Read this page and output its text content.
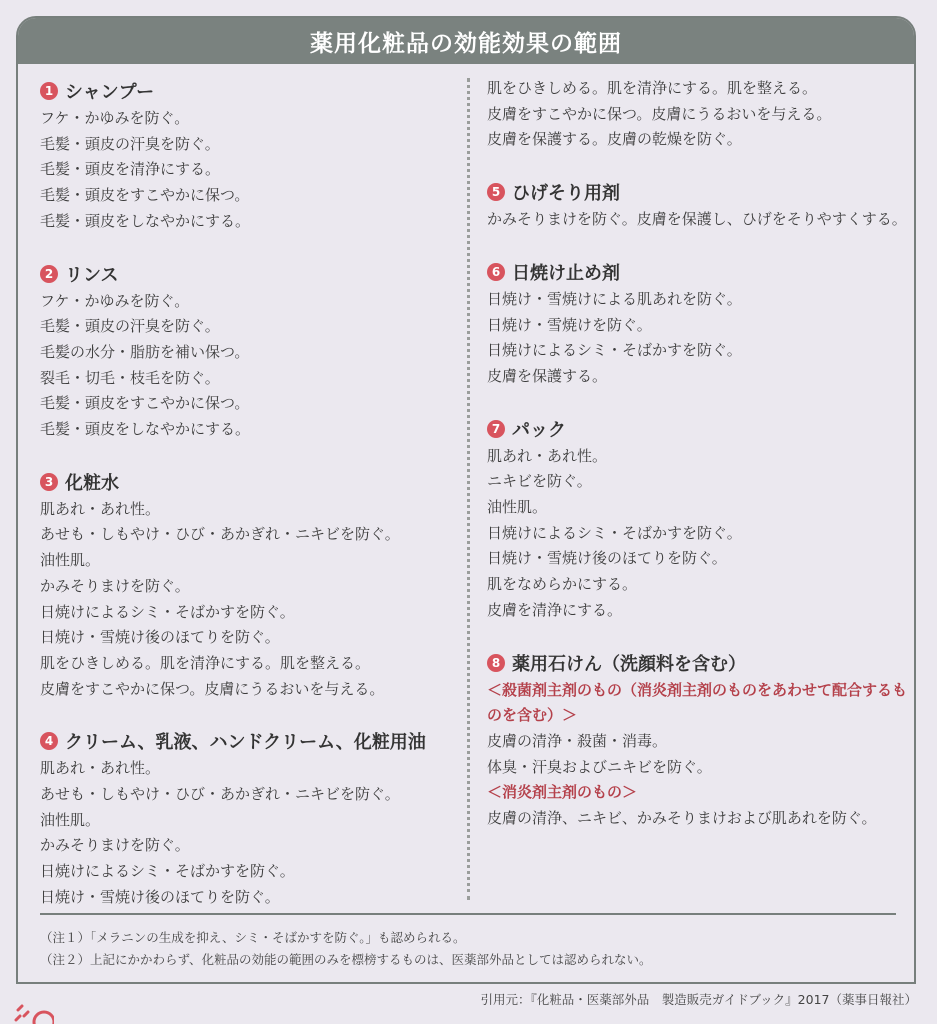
薬用化粧品の効能効果の範囲
1 シャンプー
フケ・かゆみを防ぐ。
毛髪・頭皮の汗臭を防ぐ。
毛髪・頭皮を清浄にする。
毛髪・頭皮をすこやかに保つ。
毛髪・頭皮をしなやかにする。
2 リンス
フケ・かゆみを防ぐ。
毛髪・頭皮の汗臭を防ぐ。
毛髪の水分・脂肪を補い保つ。
裂毛・切毛・枝毛を防ぐ。
毛髪・頭皮をすこやかに保つ。
毛髪・頭皮をしなやかにする。
3 化粧水
肌あれ・あれ性。
あせも・しもやけ・ひび・あかぎれ・ニキビを防ぐ。
油性肌。
かみそりまけを防ぐ。
日焼けによるシミ・そばかすを防ぐ。
日焼け・雪焼け後のほてりを防ぐ。
肌をひきしめる。肌を清浄にする。肌を整える。
皮膚をすこやかに保つ。皮膚にうるおいを与える。
4 クリーム、乳液、ハンドクリーム、化粧用油
肌あれ・あれ性。
あせも・しもやけ・ひび・あかぎれ・ニキビを防ぐ。
油性肌。
かみそりまけを防ぐ。
日焼けによるシミ・そばかすを防ぐ。
日焼け・雪焼け後のほてりを防ぐ。
肌をひきしめる。肌を清浄にする。肌を整える。
皮膚をすこやかに保つ。皮膚にうるおいを与える。
皮膚を保護する。皮膚の乾燥を防ぐ。
5 ひげそり用剤
かみそりまけを防ぐ。皮膚を保護し、ひげをそりやすくする。
6 日焼け止め剤
日焼け・雪焼けによる肌あれを防ぐ。
日焼け・雪焼けを防ぐ。
日焼けによるシミ・そばかすを防ぐ。
皮膚を保護する。
7 パック
肌あれ・あれ性。
ニキビを防ぐ。
油性肌。
日焼けによるシミ・そばかすを防ぐ。
日焼け・雪焼け後のほてりを防ぐ。
肌をなめらかにする。
皮膚を清浄にする。
8 薬用石けん（洗顔料を含む）
＜殺菌剤主剤のもの（消炎剤主剤のものをあわせて配合するものを含む）＞
皮膚の清浄・殺菌・消毒。
体臭・汗臭およびニキビを防ぐ。
＜消炎剤主剤のもの＞
皮膚の清浄、ニキビ、かみそりまけおよび肌あれを防ぐ。
（注１）「メラニンの生成を抑え、シミ・そばかすを防ぐ。」も認められる。
（注２）上記にかかわらず、化粧品の効能の範囲のみを標榜するものは、医薬部外品としては認められない。
引用元：『化粧品・医薬部外品　製造販売ガイドブック』2017（薬事日報社）
